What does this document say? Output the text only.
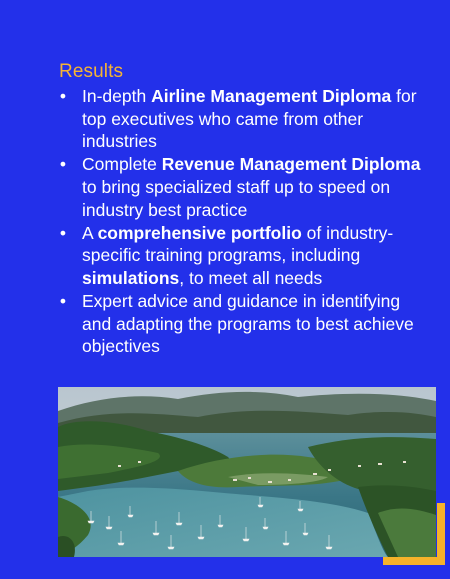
Results
• In-depth Airline Management Diploma for top executives who came from other industries
• Complete Revenue Management Diploma to bring specialized staff up to speed on industry best practice
• A comprehensive portfolio of industry-specific training programs, including simulations, to meet all needs
• Expert advice and guidance in identifying and adapting the programs to best achieve objectives
